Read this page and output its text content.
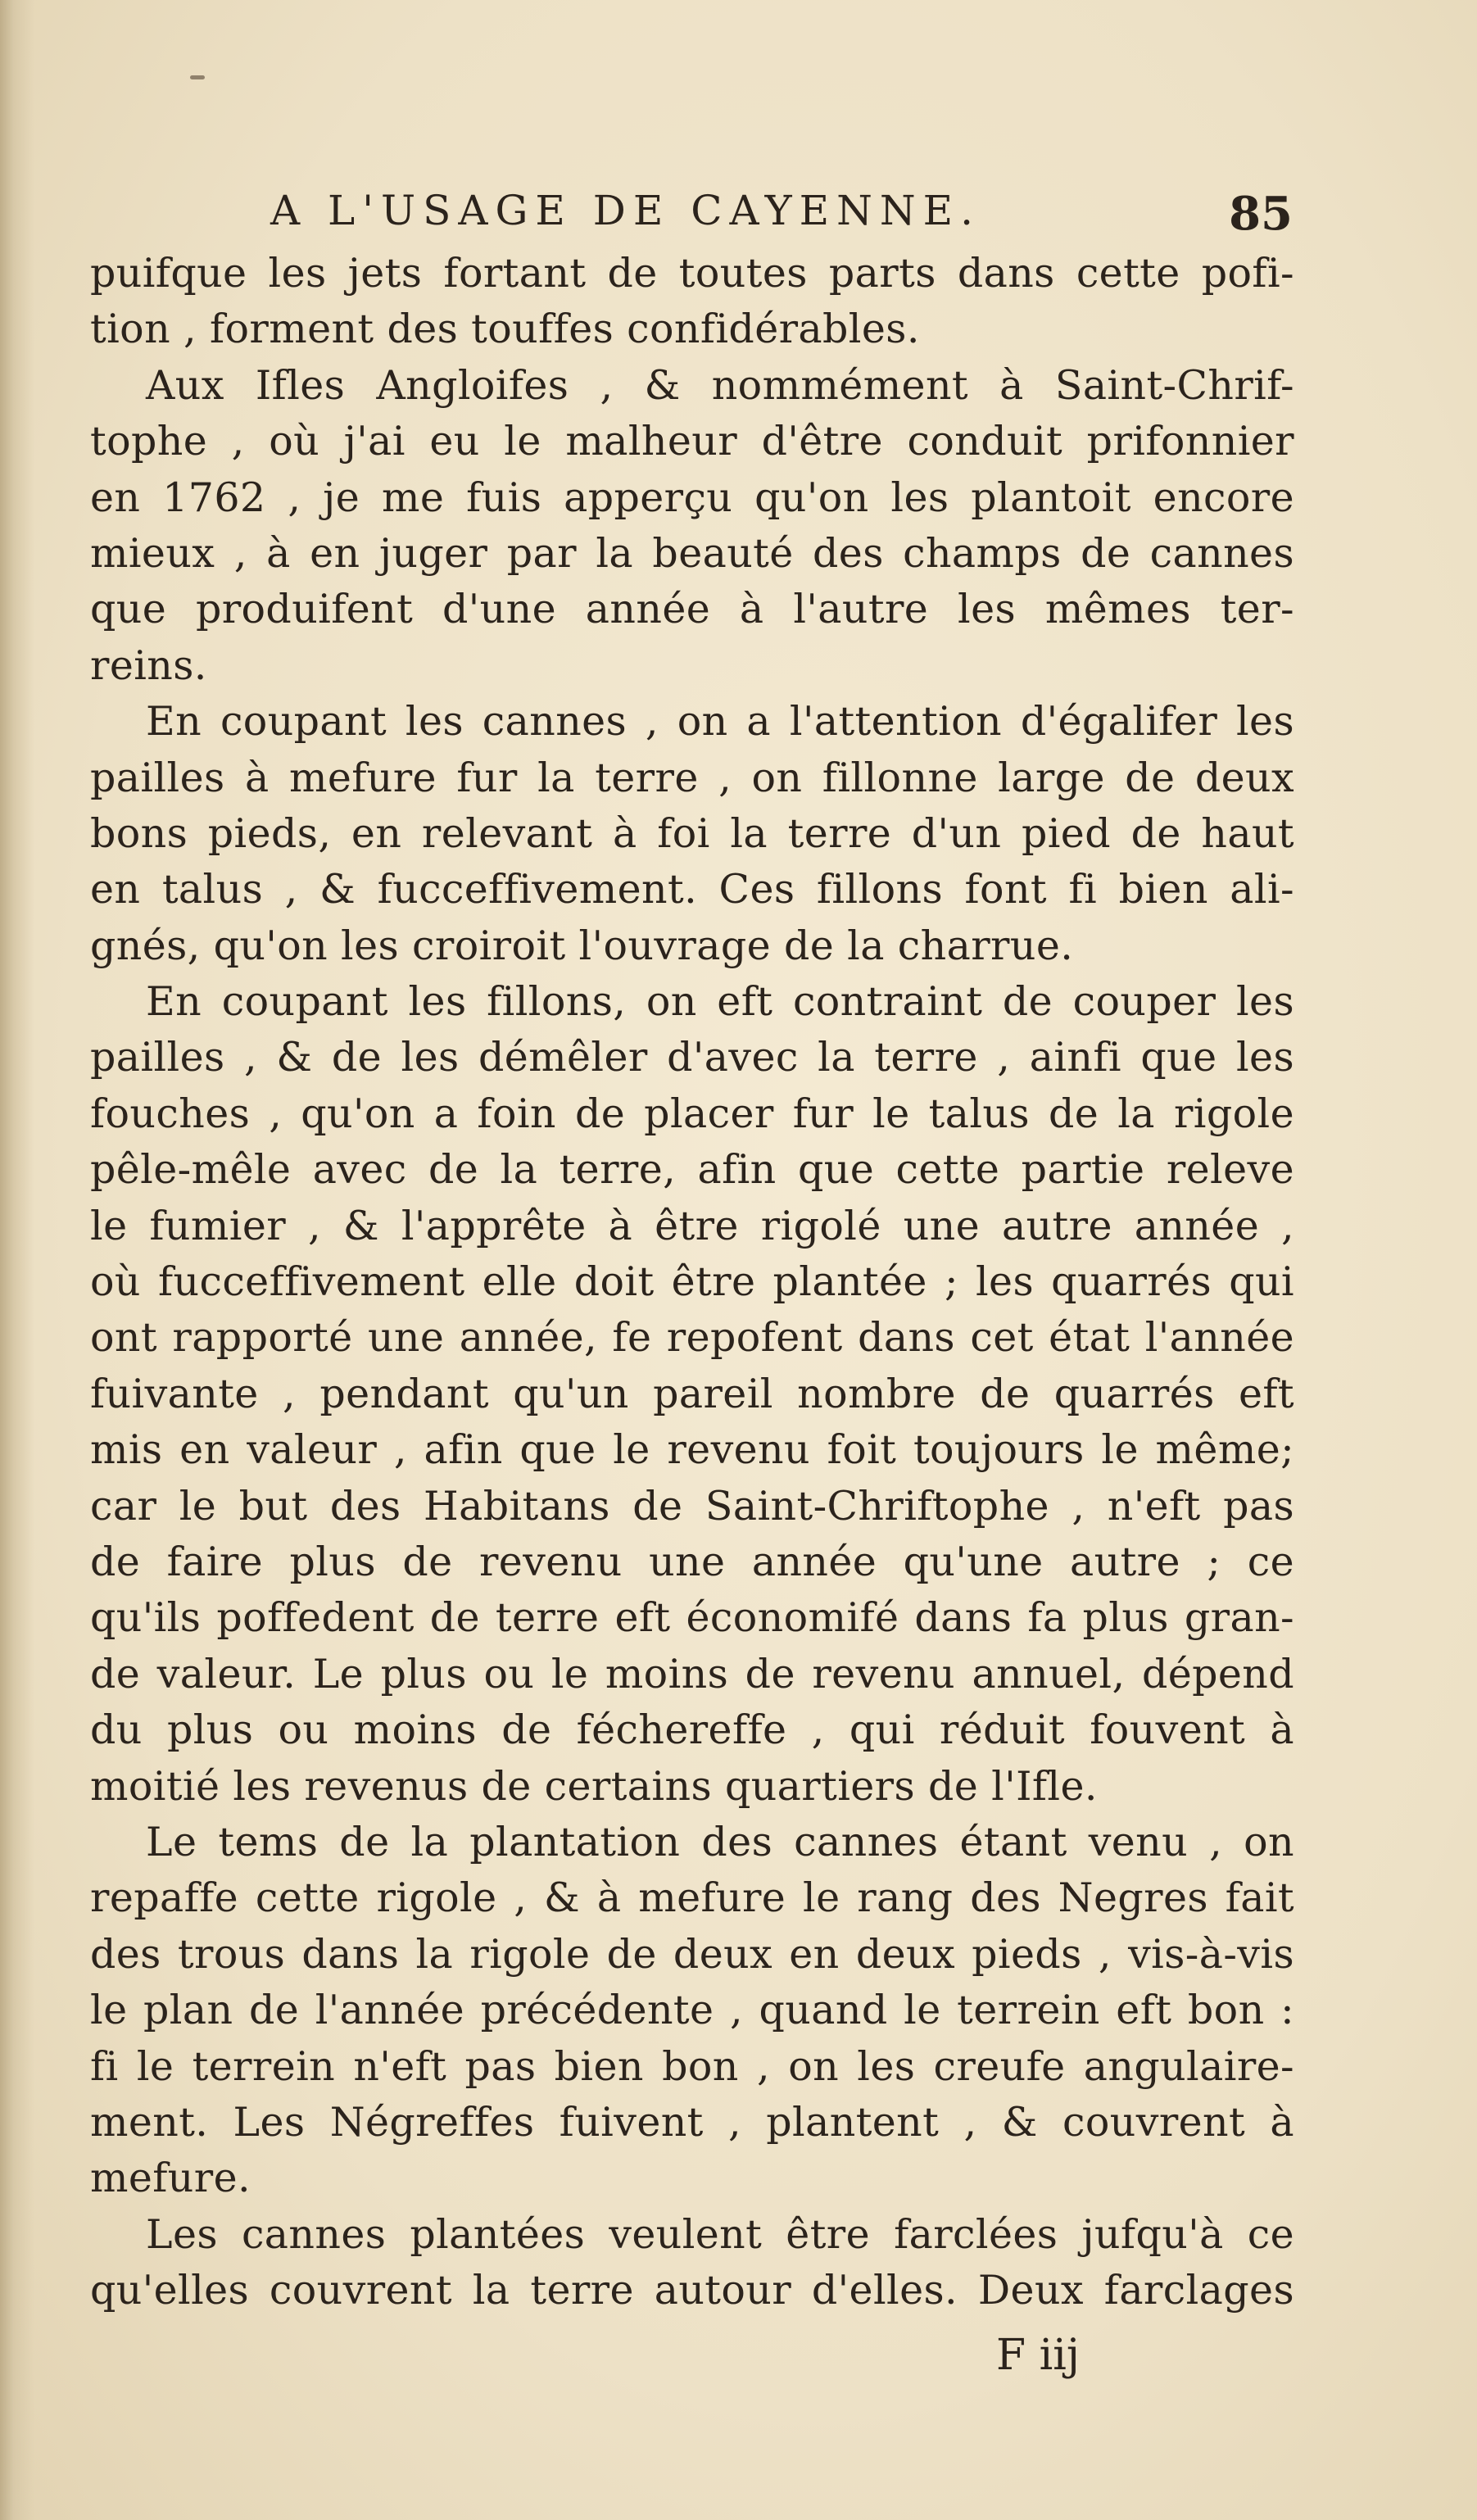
A L'USAGE DE CAYENNE.	85
puifque les jets fortant de toutes parts dans cette pofi-
tion , forment des touffes confidérables.
Aux Ifles Angloifes , & nommément à Saint-Chrif-
tophe , où j'ai eu le malheur d'être conduit prifonnier
en 1762 , je me fuis apperçu qu'on les plantoit encore
mieux , à en juger par la beauté des champs de cannes
que produifent d'une année à l'autre les mêmes ter-
reins.
En coupant les cannes , on a l'attention d'égalifer les
pailles à mefure fur la terre , on fillonne large de deux
bons pieds, en relevant à foi la terre d'un pied de haut
en talus , & fucceffivement. Ces fillons font fi bien ali-
gnés, qu'on les croiroit l'ouvrage de la charrue.
En coupant les fillons, on eft contraint de couper les
pailles , & de les démêler d'avec la terre , ainfi que les
fouches , qu'on a foin de placer fur le talus de la rigole
pêle-mêle avec de la terre, afin que cette partie releve
le fumier , & l'apprête à être rigolé une autre année ,
où fucceffivement elle doit être plantée ; les quarrés qui
ont rapporté une année, fe repofent dans cet état l'année
fuivante , pendant qu'un pareil nombre de quarrés eft
mis en valeur , afin que le revenu foit toujours le même;
car le but des Habitans de Saint-Chriftophe , n'eft pas
de faire plus de revenu une année qu'une autre ; ce
qu'ils poffedent de terre eft économifé dans fa plus gran-
de valeur. Le plus ou le moins de revenu annuel, dépend
du plus ou moins de féchereffe , qui réduit fouvent à
moitié les revenus de certains quartiers de l'Ifle.
Le tems de la plantation des cannes étant venu , on
repaffe cette rigole , & à mefure le rang des Negres fait
des trous dans la rigole de deux en deux pieds , vis-à-vis
le plan de l'année précédente , quand le terrein eft bon :
fi le terrein n'eft pas bien bon , on les creufe angulaire-
ment. Les Négreffes fuivent , plantent , & couvrent à
mefure.
Les cannes plantées veulent être farclées jufqu'à ce
qu'elles couvrent la terre autour d'elles. Deux farclages
F iij
